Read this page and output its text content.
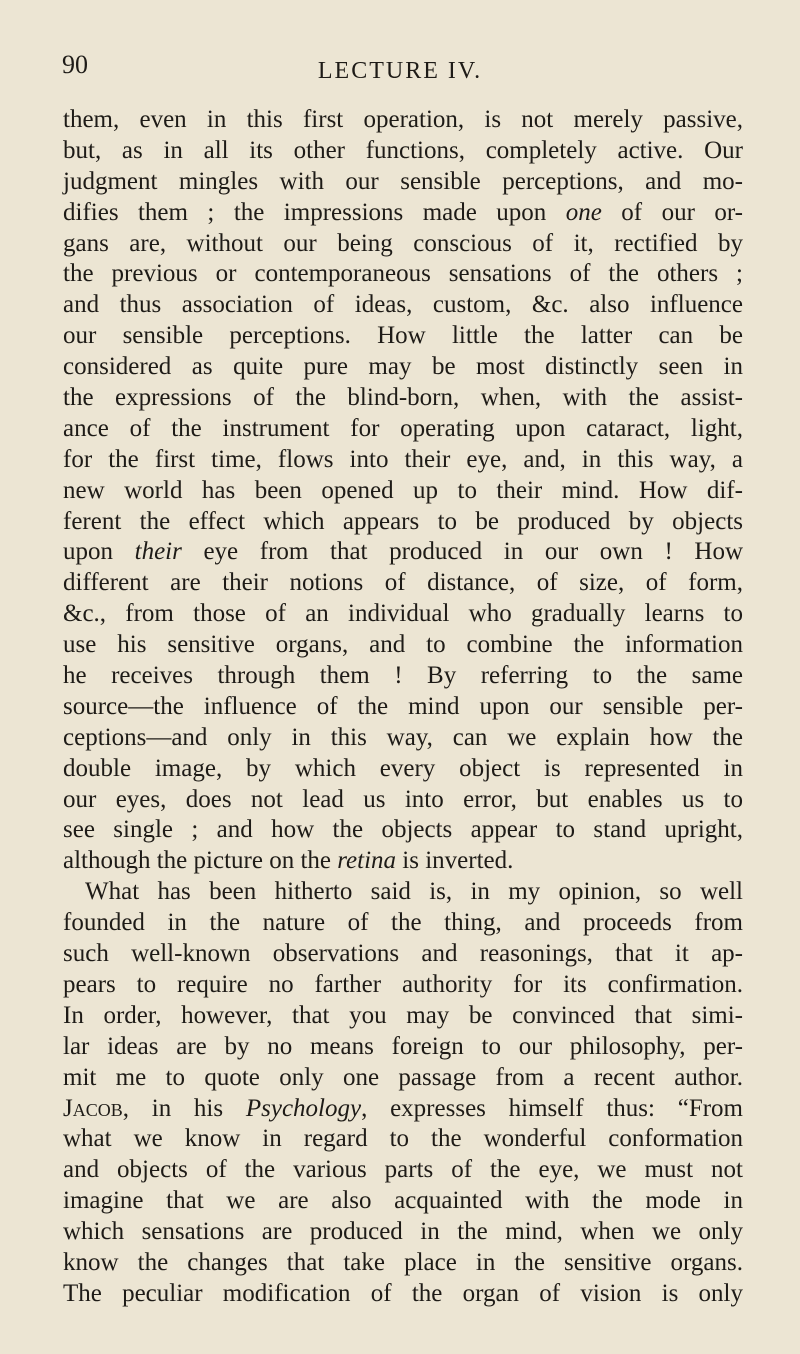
90	LECTURE IV.
them, even in this first operation, is not merely passive,
but, as in all its other functions, completely active. Our
judgment mingles with our sensible perceptions, and mo-
difies them ; the impressions made upon one of our or-
gans are, without our being conscious of it, rectified by
the previous or contemporaneous sensations of the others ;
and thus association of ideas, custom, &c. also influence
our sensible perceptions. How little the latter can be
considered as quite pure may be most distinctly seen in
the expressions of the blind-born, when, with the assist-
ance of the instrument for operating upon cataract, light,
for the first time, flows into their eye, and, in this way, a
new world has been opened up to their mind. How dif-
ferent the effect which appears to be produced by objects
upon their eye from that produced in our own ! How
different are their notions of distance, of size, of form,
&c., from those of an individual who gradually learns to
use his sensitive organs, and to combine the information
he receives through them ! By referring to the same
source—the influence of the mind upon our sensible per-
ceptions—and only in this way, can we explain how the
double image, by which every object is represented in
our eyes, does not lead us into error, but enables us to
see single ; and how the objects appear to stand upright,
although the picture on the retina is inverted.
What has been hitherto said is, in my opinion, so well
founded in the nature of the thing, and proceeds from
such well-known observations and reasonings, that it ap-
pears to require no farther authority for its confirmation.
In order, however, that you may be convinced that simi-
lar ideas are by no means foreign to our philosophy, per-
mit me to quote only one passage from a recent author.
Jacob, in his Psychology, expresses himself thus: “From
what we know in regard to the wonderful conformation
and objects of the various parts of the eye, we must not
imagine that we are also acquainted with the mode in
which sensations are produced in the mind, when we only
know the changes that take place in the sensitive organs.
The peculiar modification of the organ of vision is only
